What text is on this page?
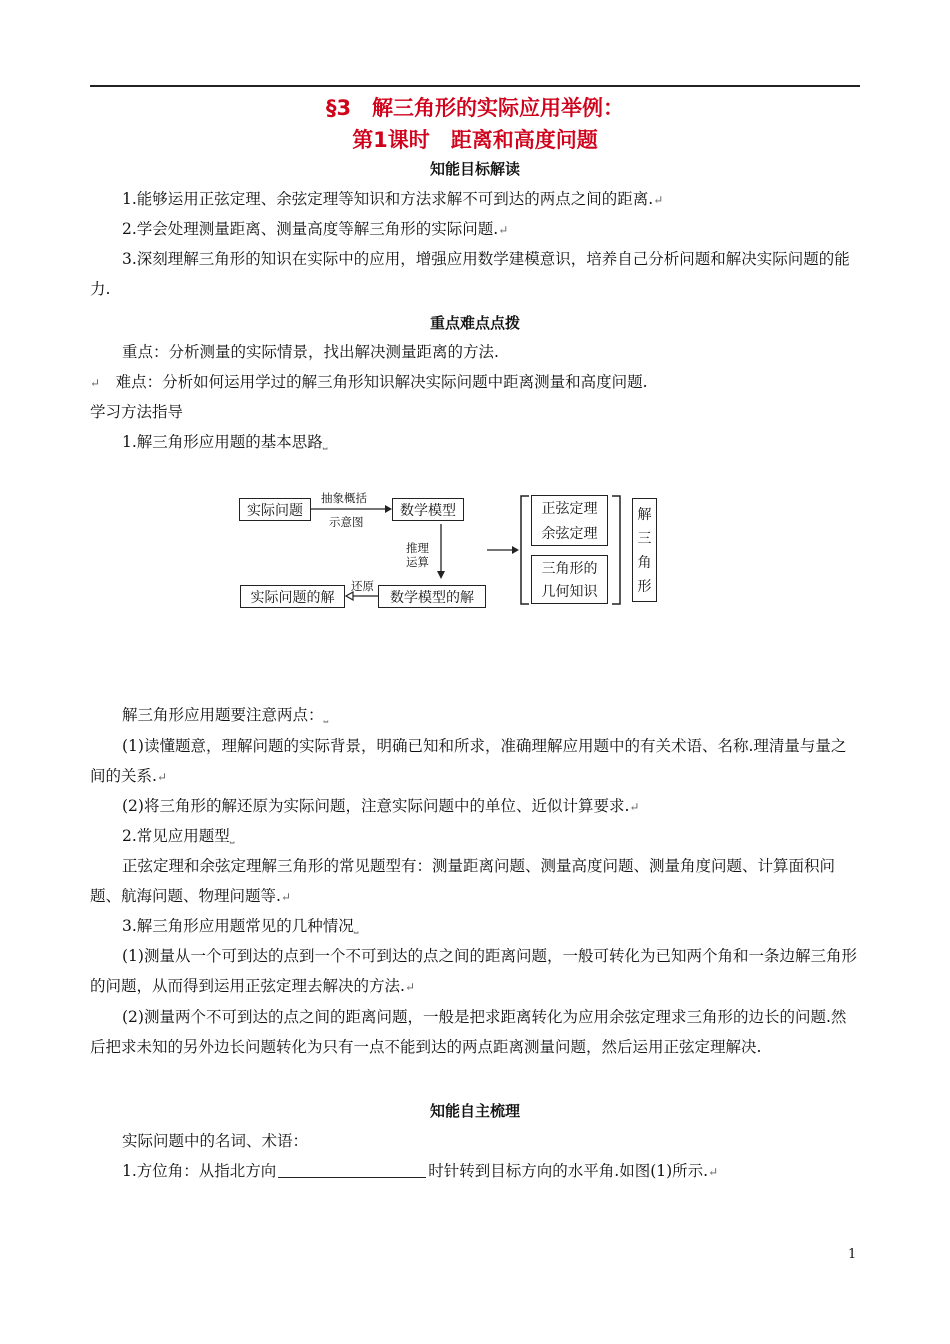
§3　解三角形的实际应用举例：
第1课时　距离和高度问题
知能目标解读
1.能够运用正弦定理、余弦定理等知识和方法求解不可到达的两点之间的距离.↵
2.学会处理测量距离、测量高度等解三角形的实际问题.↵
3.深刻理解三角形的知识在实际中的应用，增强应用数学建模意识，培养自己分析问题和解决实际问题的能力.
重点难点点拨
重点：分析测量的实际情景，找出解决测量距离的方法.
↵　 难点：分析如何运用学过的解三角形知识解决实际问题中距离测量和高度问题.
学习方法指导
1.解三角形应用题的基本思路⎵
实际问题
抽象概括
示意图
数学模型
推理
运算
数学模型的解
还原
实际问题的解
正弦定理
余弦定理
三角形的
几何知识
解
三
角
形
解三角形应用题要注意两点：⎵
(1)读懂题意，理解问题的实际背景，明确已知和所求，准确理解应用题中的有关术语、名称.理清量与量之间的关系.↵
(2)将三角形的解还原为实际问题，注意实际问题中的单位、近似计算要求.↵
2.常见应用题型⎵
正弦定理和余弦定理解三角形的常见题型有：测量距离问题、测量高度问题、测量角度问题、计算面积问题、航海问题、物理问题等.↵
3.解三角形应用题常见的几种情况⎵
(1)测量从一个可到达的点到一个不可到达的点之间的距离问题，一般可转化为已知两个角和一条边解三角形的问题，从而得到运用正弦定理去解决的方法.↵
(2)测量两个不可到达的点之间的距离问题，一般是把求距离转化为应用余弦定理求三角形的边长的问题.然后把求未知的另外边长问题转化为只有一点不能到达的两点距离测量问题，然后运用正弦定理解决.
知能自主梳理
实际问题中的名词、术语：
1.方位角：从指北方向	时针转到目标方向的水平角.如图(1)所示.↵
1
